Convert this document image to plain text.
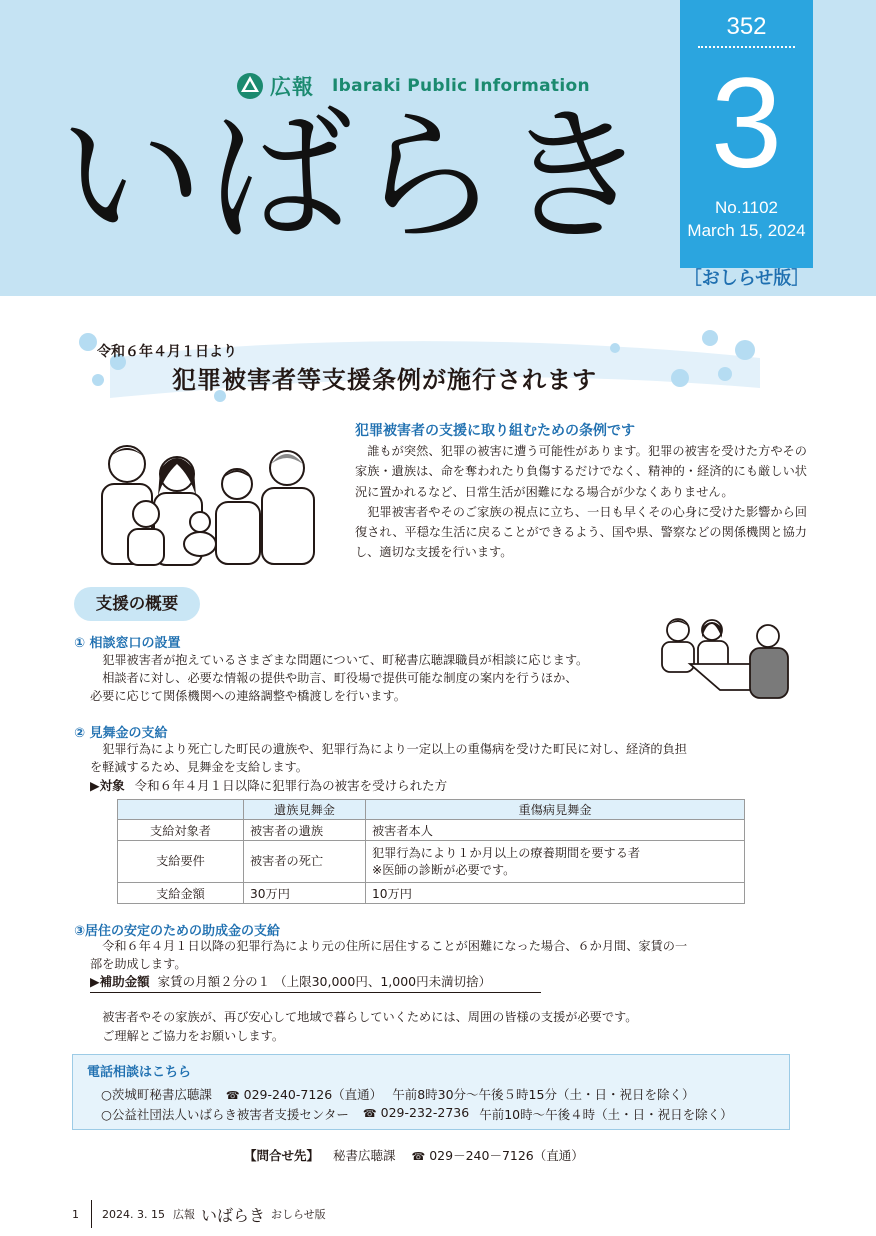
広報 Ibaraki Public Information
いばらき
352
3
No.1102
March 15, 2024
［おしらせ版］
令和６年４月１日より
犯罪被害者等支援条例が施行されます
犯罪被害者の支援に取り組むための条例です

誰もが突然、犯罪の被害に遭う可能性があります。犯罪の被害を受けた方やその家族・遺族は、命を奪われたり負傷するだけでなく、精神的・経済的にも厳しい状況に置かれるなど、日常生活が困難になる場合が少なくありません。

犯罪被害者やそのご家族の視点に立ち、一日も早くその心身に受けた影響から回復され、平穏な生活に戻ることができるよう、国や県、警察などの関係機関と協力し、適切な支援を行います。

支援の概要
① 相談窓口の設置

犯罪被害者が抱えているさまざまな問題について、町秘書広聴課職員が相談に応じます。

相談者に対し、必要な情報の提供や助言、町役場で提供可能な制度の案内を行うほか、

必要に応じて関係機関への連絡調整や橋渡しを行います。

② 見舞金の支給

犯罪行為により死亡した町民の遺族や、犯罪行為により一定以上の重傷病を受けた町民に対し、経済的負担

を軽減するため、見舞金を支給します。

▶対象 令和６年４月１日以降に犯罪行為の被害を受けられた方
	遺族見舞金	重傷病見舞金
支給対象者	被害者の遺族	被害者本人
支給要件	被害者の死亡	犯罪行為により１か月以上の療養期間を要する者
※医師の診断が必要です。

支給金額	30万円	10万円
③居住の安定のための助成金の支給

令和６年４月１日以降の犯罪行為により元の住所に居住することが困難になった場合、６か月間、家賃の一

部を助成します。

▶補助金額 家賃の月額２分の１ （上限30,000円、1,000円未満切捨）

被害者やその家族が、再び安心して地域で暮らしていくためには、周囲の皆様の支援が必要です。

ご理解とご協力をお願いします。

電話相談はこちら
○茨城町秘書広聴課 ☎ 029-240-7126（直通） 午前8時30分～午後５時15分（土・日・祝日を除く）
○公益社団法人いばらき被害者支援センター ☎ 029-232-2736 午前10時～午後４時（土・日・祝日を除く）
【問合せ先】 秘書広聴課 ☎ 029－240－7126（直通）
1 2024. 3. 15 広報 いばらき おしらせ版
